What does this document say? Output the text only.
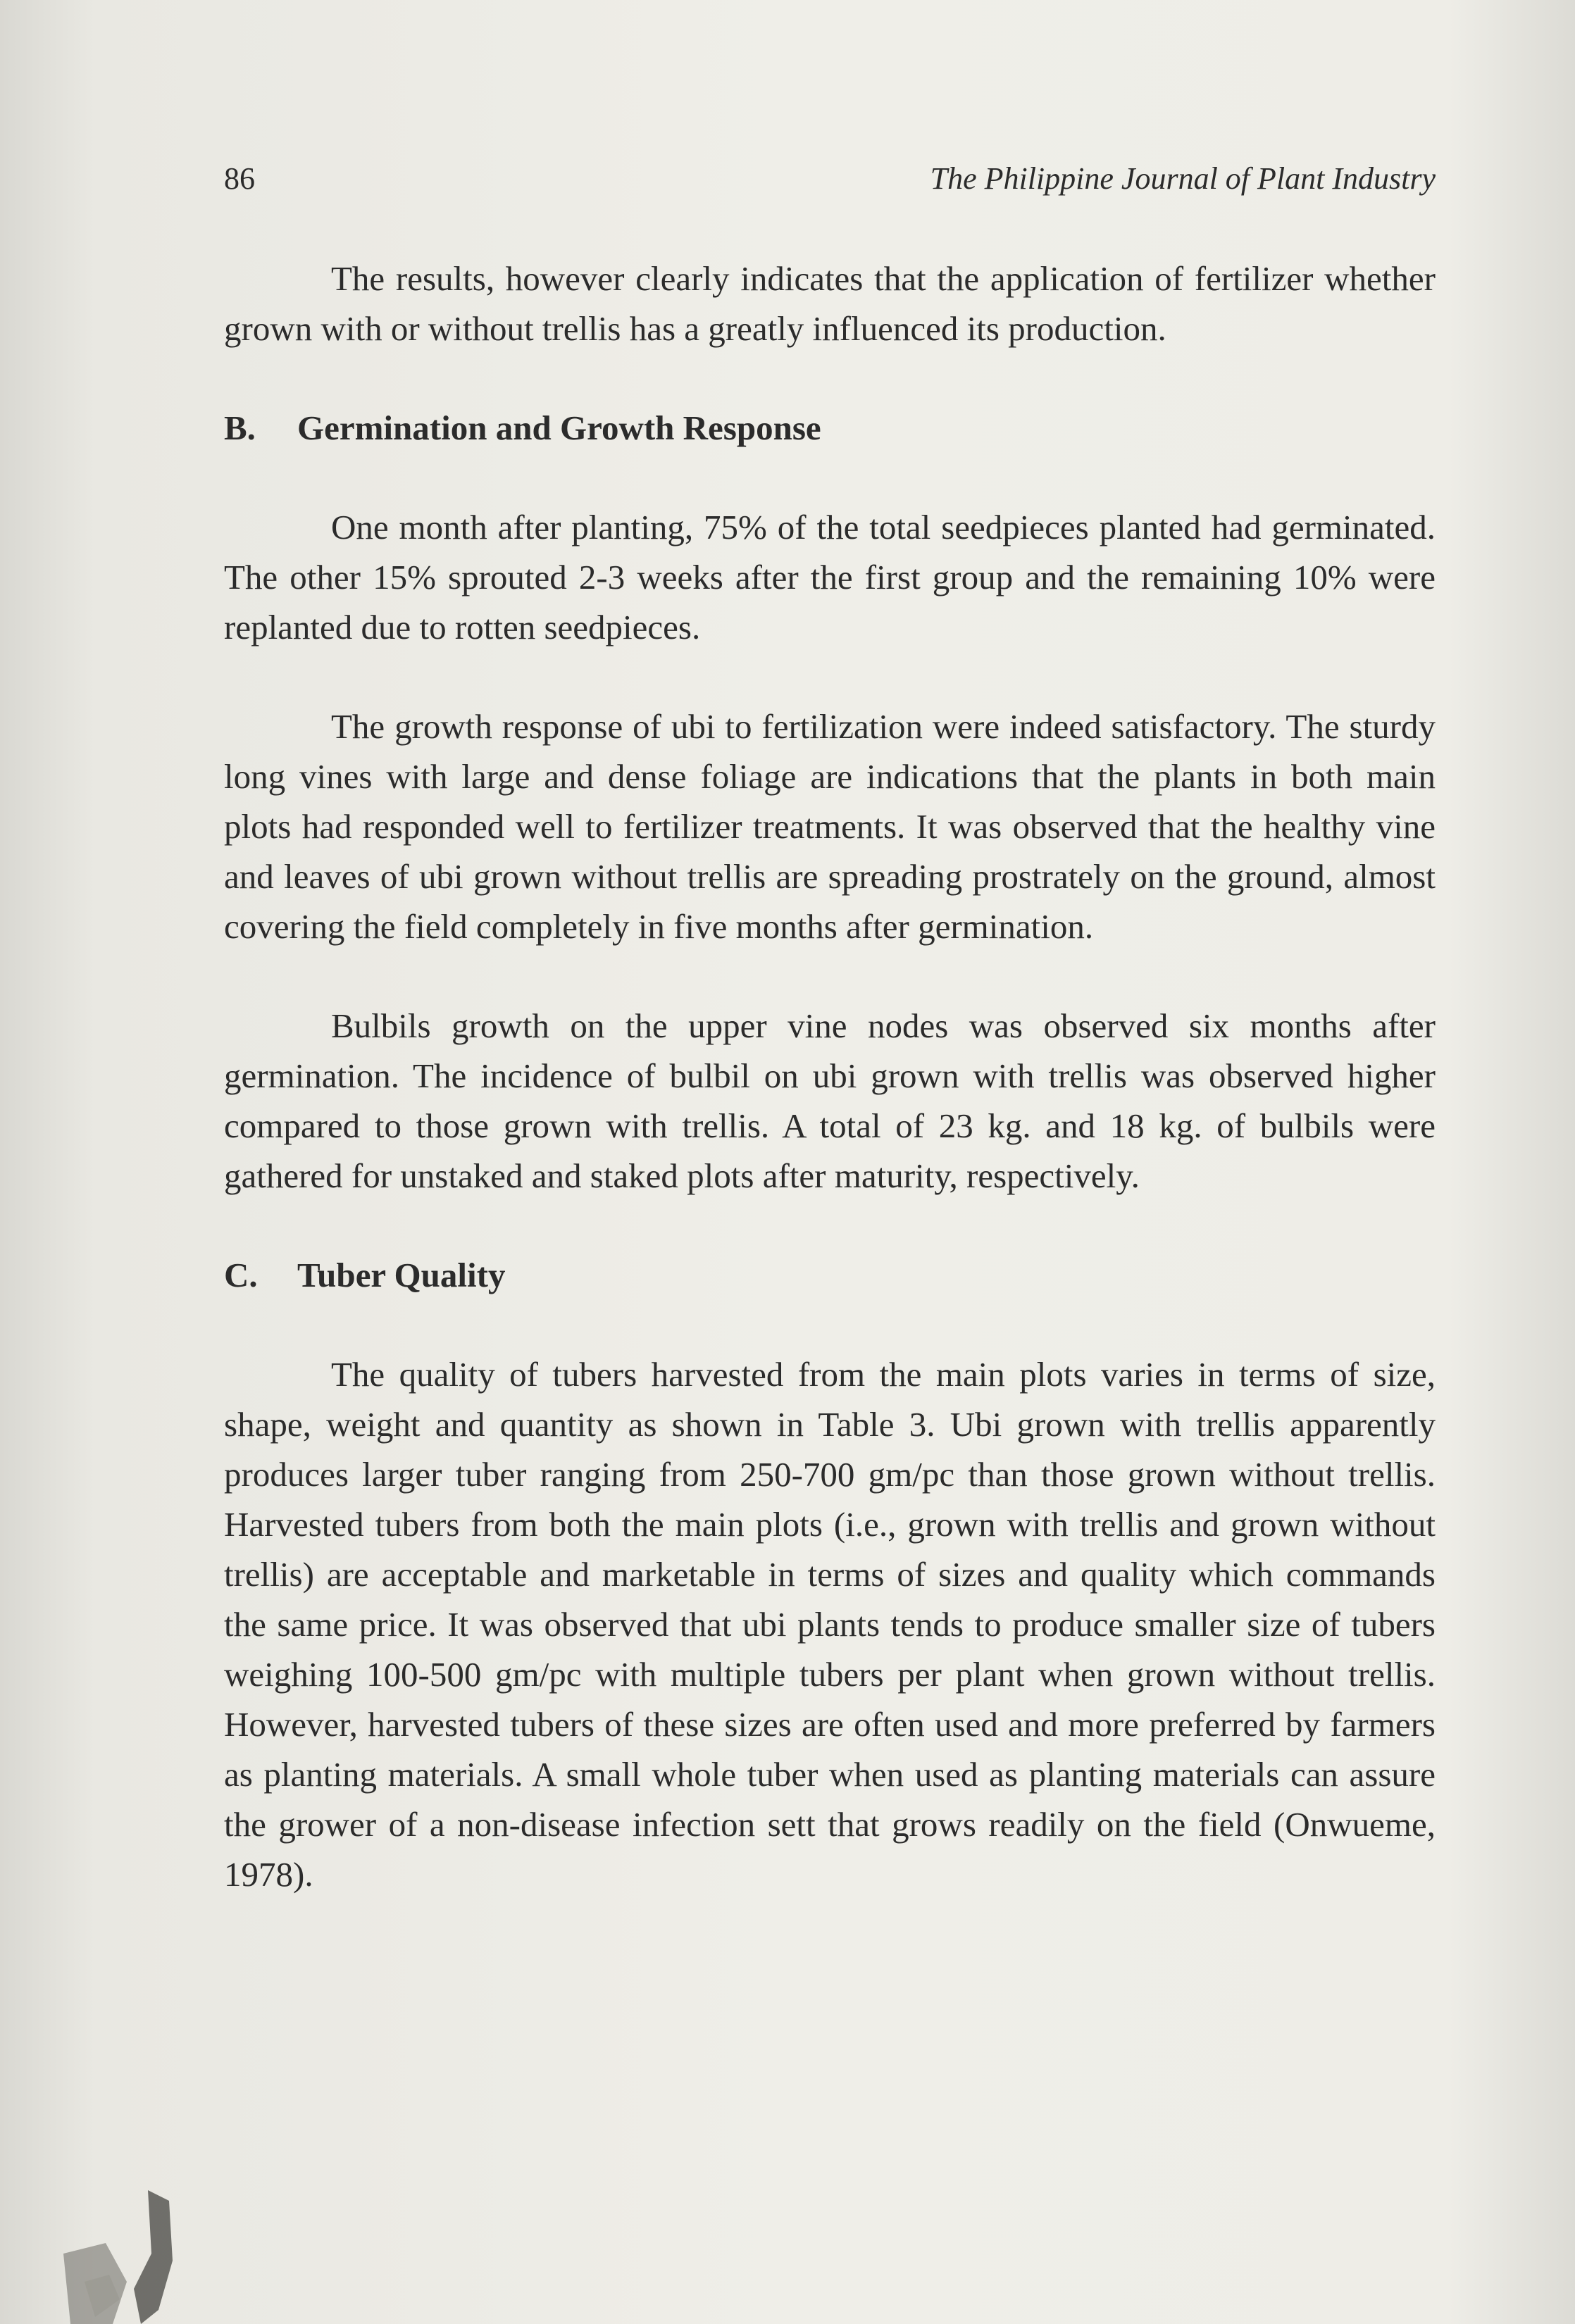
86	The Philippine Journal of Plant Industry

The results, however clearly indicates that the application of fertilizer whether grown with or without trellis has a greatly influenced its production.

B. Germination and Growth Response

One month after planting, 75% of the total seedpieces planted had germinated. The other 15% sprouted 2-3 weeks after the first group and the remaining 10% were replanted due to rotten seedpieces.

The growth response of ubi to fertilization were indeed satisfactory. The sturdy long vines with large and dense foliage are indications that the plants in both main plots had responded well to fertilizer treatments. It was observed that the healthy vine and leaves of ubi grown without trellis are spreading prostrately on the ground, almost covering the field completely in five months after germination.

Bulbils growth on the upper vine nodes was observed six months after germination. The incidence of bulbil on ubi grown with trellis was observed higher compared to those grown with trellis. A total of 23 kg. and 18 kg. of bulbils were gathered for unstaked and staked plots after maturity, respectively.

C. Tuber Quality

The quality of tubers harvested from the main plots varies in terms of size, shape, weight and quantity as shown in Table 3. Ubi grown with trellis apparently produces larger tuber ranging from 250-700 gm/pc than those grown without trellis. Harvested tubers from both the main plots (i.e., grown with trellis and grown without trellis) are acceptable and marketable in terms of sizes and quality which commands the same price. It was observed that ubi plants tends to produce smaller size of tubers weighing 100-500 gm/pc with multiple tubers per plant when grown without trellis. However, harvested tubers of these sizes are often used and more preferred by farmers as planting materials. A small whole tuber when used as planting materials can assure the grower of a non-disease infection sett that grows readily on the field (Onwueme, 1978).
